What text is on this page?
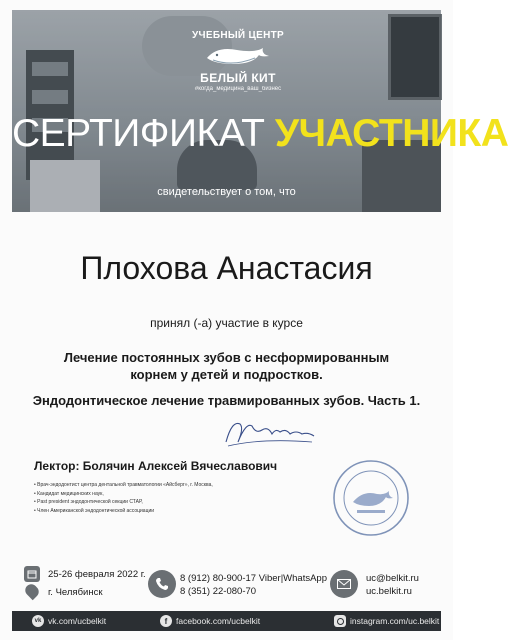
УЧЕБНЫЙ ЦЕНТР
БЕЛЫЙ КИТ
#когда_медицина_ваш_бизнес
СЕРТИФИКАТ УЧАСТНИКА
свидетельствует о том, что
Плохова Анастасия
принял (-а) участие в курсе
Лечение постоянных зубов с несформированным
корнем у детей и подростков.
Эндодонтическое лечение травмированных зубов. Часть 1.
Лектор: Болячин Алексей Вячеславович
• Врач-эндодонтист центра дентальной травматологии «Айсберг», г. Москва,
• Кандидат медицинских наук,
• Past president эндодонтической секции СТАР,
• Член Американской эндодонтической ассоциации
25-26 февраля 2022 г.
г. Челябинск
8 (912) 80-900-17 Viber|WhatsApp
8 (351) 22-080-70
uc@belkit.ru
uc.belkit.ru
vk vk.com/ucbelkit	f facebook.com/ucbelkit	instagram.com/uc.belkit
